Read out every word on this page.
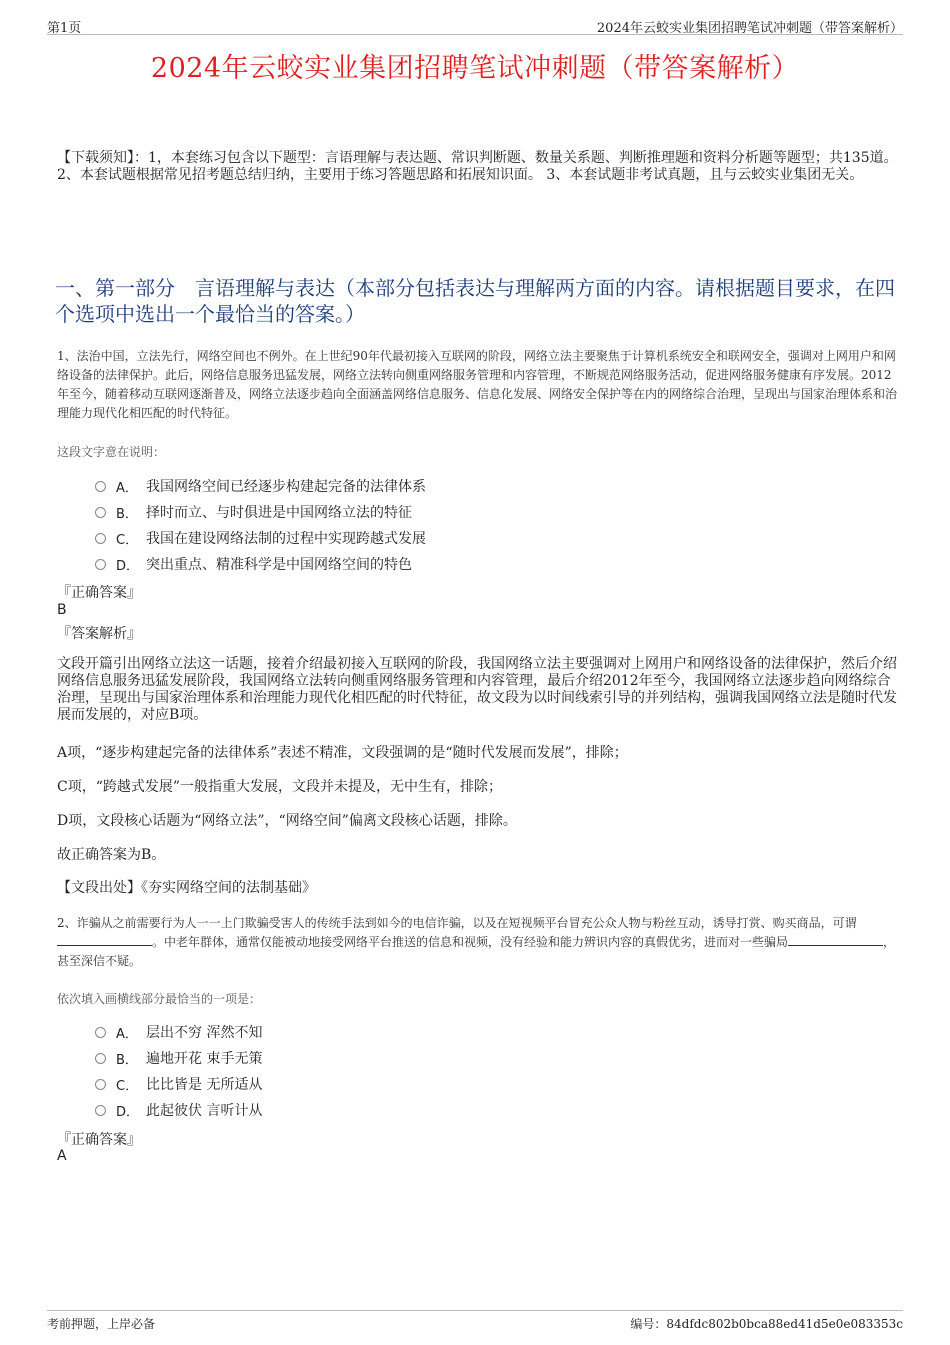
第1页	2024年云蛟实业集团招聘笔试冲刺题（带答案解析）
2024年云蛟实业集团招聘笔试冲刺题（带答案解析）
【下载须知】：1，本套练习包含以下题型：言语理解与表达题、常识判断题、数量关系题、判断推理题和资料分析题等题型；共135道。 2、本套试题根据常见招考题总结归纳，主要用于练习答题思路和拓展知识面。 3、本套试题非考试真题，且与云蛟实业集团无关。
一、第一部分　言语理解与表达（本部分包括表达与理解两方面的内容。请根据题目要求，在四个选项中选出一个最恰当的答案。）
1、法治中国，立法先行，网络空间也不例外。在上世纪90年代最初接入互联网的阶段，网络立法主要聚焦于计算机系统安全和联网安全，强调对上网用户和网络设备的法律保护。此后，网络信息服务迅猛发展，网络立法转向侧重网络服务管理和内容管理，不断规范网络服务活动，促进网络服务健康有序发展。2012年至今，随着移动互联网逐渐普及，网络立法逐步趋向全面涵盖网络信息服务、信息化发展、网络安全保护等在内的网络综合治理，呈现出与国家治理体系和治理能力现代化相匹配的时代特征。
这段文字意在说明：
A． 我国网络空间已经逐步构建起完备的法律体系
B． 择时而立、与时俱进是中国网络立法的特征
C． 我国在建设网络法制的过程中实现跨越式发展
D． 突出重点、精准科学是中国网络空间的特色
『正确答案』
B
『答案解析』
文段开篇引出网络立法这一话题，接着介绍最初接入互联网的阶段，我国网络立法主要强调对上网用户和网络设备的法律保护，然后介绍网络信息服务迅猛发展阶段，我国网络立法转向侧重网络服务管理和内容管理，最后介绍2012年至今，我国网络立法逐步趋向网络综合治理，呈现出与国家治理体系和治理能力现代化相匹配的时代特征，故文段为以时间线索引导的并列结构，强调我国网络立法是随时代发展而发展的，对应B项。
A项，“逐步构建起完备的法律体系”表述不精准，文段强调的是“随时代发展而发展”，排除；
C项，“跨越式发展”一般指重大发展，文段并未提及，无中生有，排除；
D项，文段核心话题为“网络立法”，“网络空间”偏离文段核心话题，排除。
故正确答案为B。
【文段出处】《夯实网络空间的法制基础》
2、诈骗从之前需要行为人一一上门欺骗受害人的传统手法到如今的电信诈骗，以及在短视频平台冒充公众人物与粉丝互动，诱导打赏、购买商品，可谓。中老年群体，通常仅能被动地接受网络平台推送的信息和视频，没有经验和能力辨识内容的真假优劣，进而对一些骗局	，甚至深信不疑。
依次填入画横线部分最恰当的一项是：
A． 层出不穷 浑然不知
B． 遍地开花 束手无策
C． 比比皆是 无所适从
D． 此起彼伏 言听计从
『正确答案』
A
考前押题，上岸必备	编号：84dfdc802b0bca88ed41d5e0e083353c
